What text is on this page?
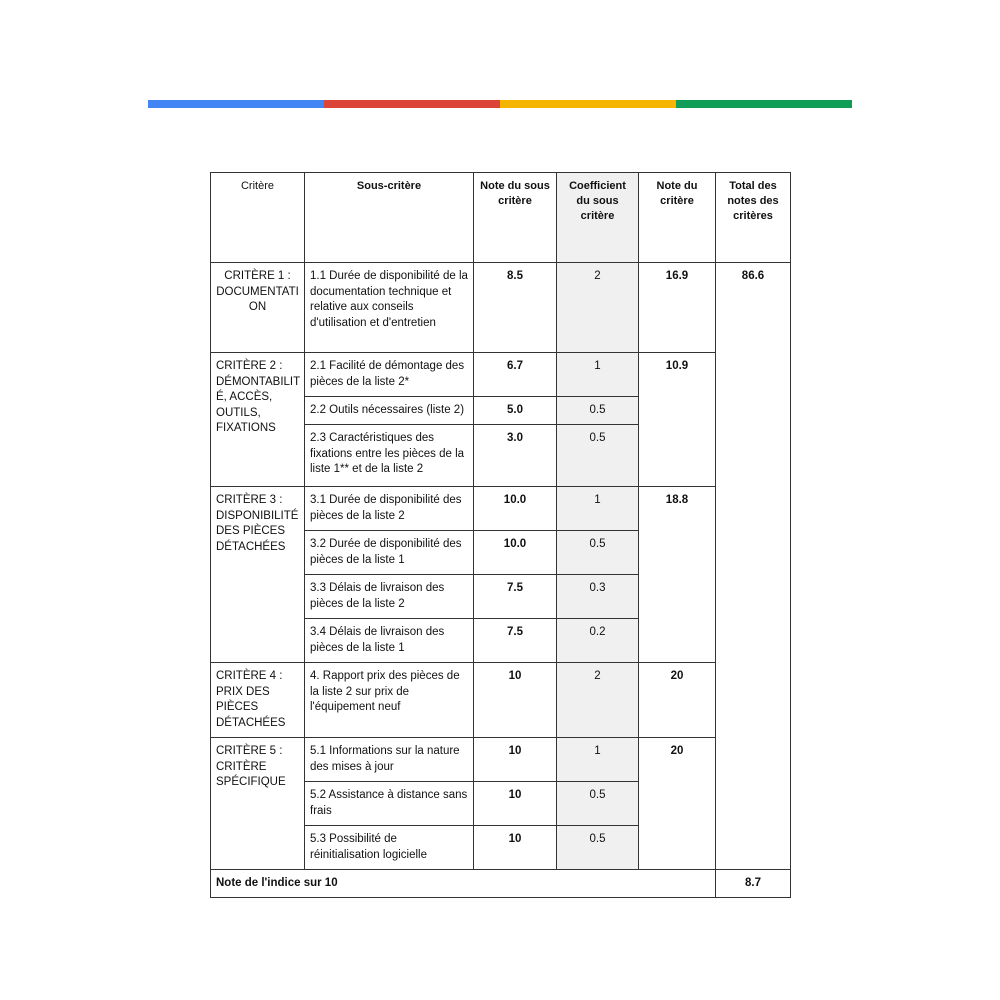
Critère	Sous-critère	Note du sous critère	Coefficient du sous critère	Note du critère	Total des notes des critères
CRITÈRE 1 : DOCUMENTATI ON	1.1 Durée de disponibilité de la documentation technique et relative aux conseils d'utilisation et d'entretien	8.5	2	16.9	86.6
CRITÈRE 2 : DÉMONTABILIT É, ACCÈS, OUTILS, FIXATIONS	2.1 Facilité de démontage des pièces de la liste 2*	6.7	1	10.9	
	2.2 Outils nécessaires (liste 2)	5.0	0.5		
	2.3 Caractéristiques des fixations entre les pièces de la liste 1** et de la liste 2	3.0	0.5		
CRITÈRE 3 : DISPONIBILITÉ DES PIÈCES DÉTACHÉES	3.1 Durée de disponibilité des pièces de la liste 2	10.0	1	18.8	
	3.2 Durée de disponibilité des pièces de la liste 1	10.0	0.5		
	3.3 Délais de livraison des pièces de la liste 2	7.5	0.3		
	3.4 Délais de livraison des pièces de la liste 1	7.5	0.2		
CRITÈRE 4 : PRIX DES PIÈCES DÉTACHÉES	4. Rapport prix des pièces de la liste 2 sur prix de l'équipement neuf	10	2	20	
CRITÈRE 5 : CRITÈRE SPÉCIFIQUE	5.1 Informations sur la nature des mises à jour	10	1	20	
	5.2 Assistance à distance sans frais	10	0.5		
	5.3 Possibilité de réinitialisation logicielle	10	0.5		
Note de l'indice sur 10					8.7
